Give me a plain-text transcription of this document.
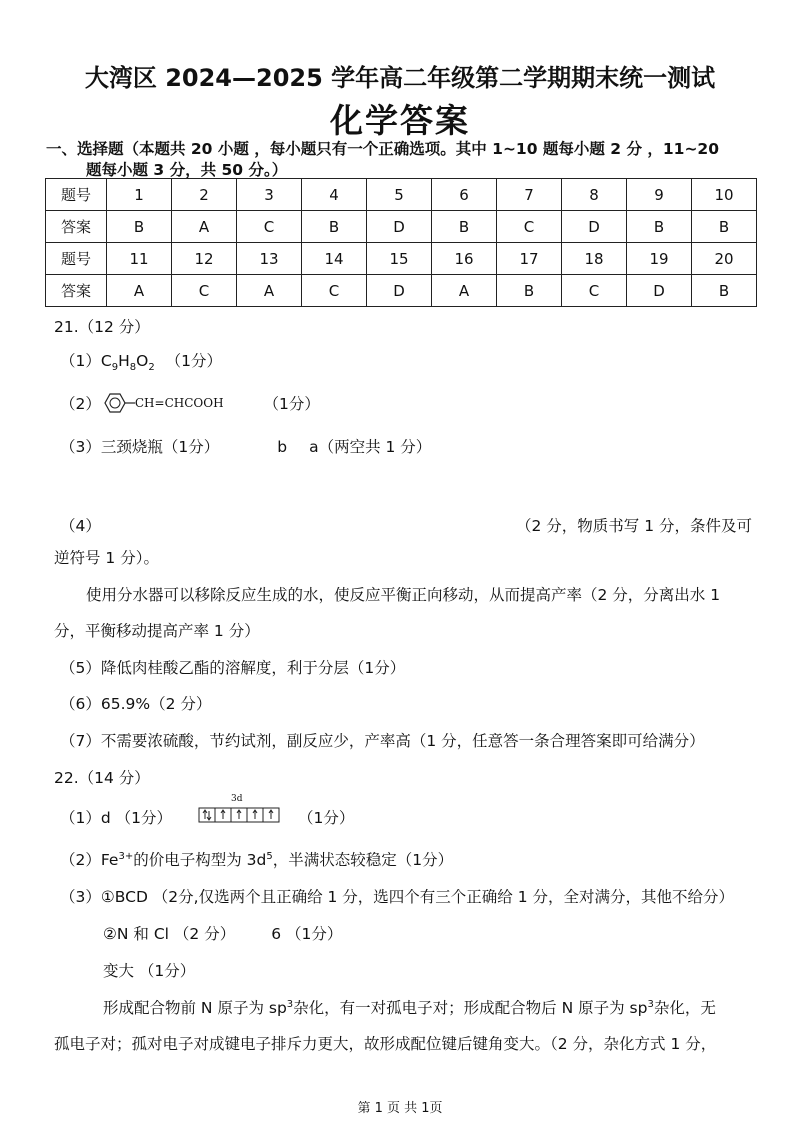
大湾区 2024—2025 学年高二年级第二学期期末统一测试
化学答案
一、选择题（本题共 20 小题 ，每小题只有一个正确选项。其中 1~10 题每小题 2 分 ，11~20
题每小题 3 分，共 50 分。）
题号	1	2	3	4	5	6	7	8	9	10
答案	B	A	C	B	D	B	C	D	B	B
题号	11	12	13	14	15	16	17	18	19	20
答案	A	C	A	C	D	A	B	C	D	B
21.（12 分）
$(1)C_9H_8O_2$ （1分）
（2）	CH=CHCOOH	（1分）
（3）三颈烧瓶（1分）	b a（两空共 1 分）
（4）	（2 分，物质书写 1 分，条件及可
逆符号 1 分）。
使用分水器可以移除反应生成的水，使反应平衡正向移动，从而提高产率（2 分，分离出水 1
分，平衡移动提高产率 1 分）
（5）降低肉桂酸乙酯的溶解度，利于分层（1分）
（6）65.9%（2 分）
（7）不需要浓硫酸，节约试剂，副反应少，产率高（1 分，任意答一条合理答案即可给满分）
22.（14 分）
（1）d （1分）
3d
（1分）
$(2)Fe^{3+}$的价电子构型为 $3d^5$，半满状态较稳定（1分）
（3）①BCD （2分,仅选两个且正确给 1 分，选四个有三个正确给 1 分，全对满分，其他不给分）
②N 和 Cl （2 分） 6 （1分）
变大 （1分）
形成配合物前 N 原子为 $sp^3$杂化，有一对孤电子对；形成配合物后 N 原子为 $sp^3$杂化，无
孤电子对；孤对电子对成键电子排斥力更大，故形成配位键后键角变大。（2 分，杂化方式 1 分，
第 1 页 共 1页
